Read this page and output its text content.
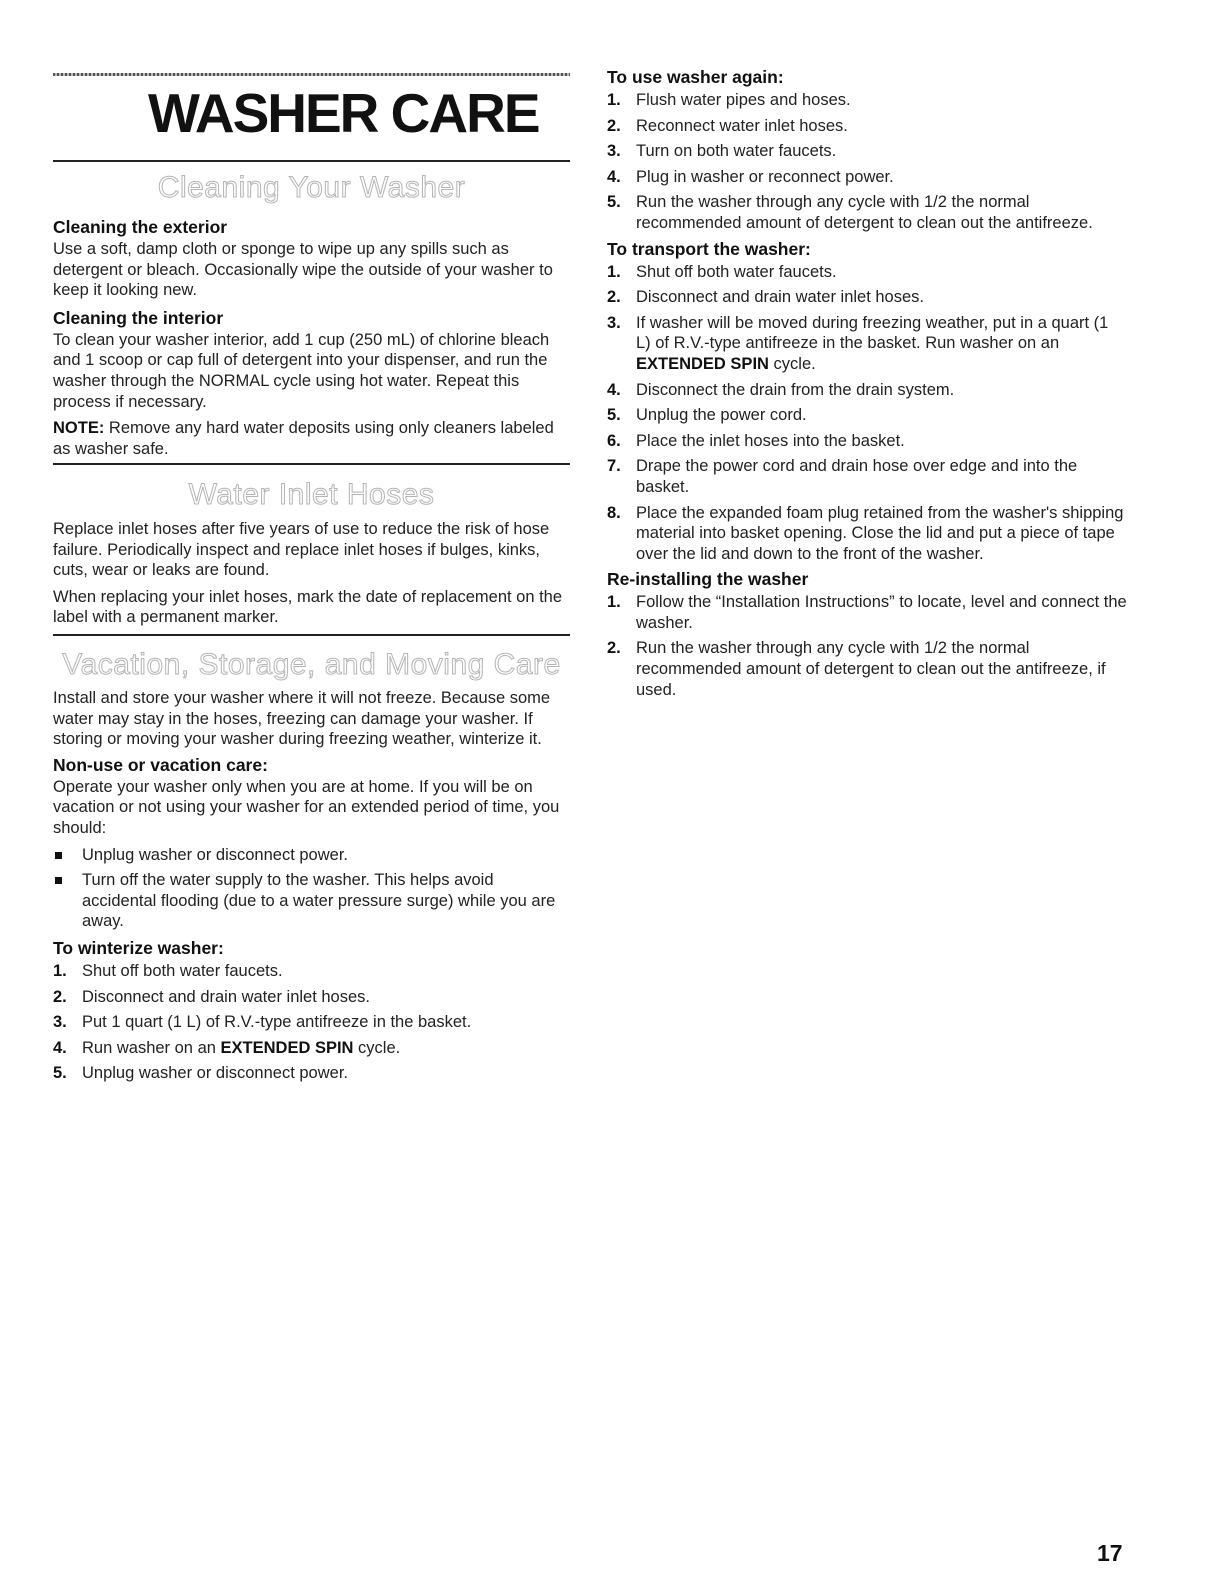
WASHER CARE
Cleaning Your Washer
Cleaning the exterior

Use a soft, damp cloth or sponge to wipe up any spills such as detergent or bleach. Occasionally wipe the outside of your washer to keep it looking new.

Cleaning the interior

To clean your washer interior, add 1 cup (250 mL) of chlorine bleach and 1 scoop or cap full of detergent into your dispenser, and run the washer through the NORMAL cycle using hot water. Repeat this process if necessary.

NOTE: Remove any hard water deposits using only cleaners labeled as washer safe.

Water Inlet Hoses

Replace inlet hoses after five years of use to reduce the risk of hose failure. Periodically inspect and replace inlet hoses if bulges, kinks, cuts, wear or leaks are found.

When replacing your inlet hoses, mark the date of replacement on the label with a permanent marker.

Vacation, Storage, and Moving Care

Install and store your washer where it will not freeze. Because some water may stay in the hoses, freezing can damage your washer. If storing or moving your washer during freezing weather, winterize it.

Non-use or vacation care:

Operate your washer only when you are at home. If you will be on vacation or not using your washer for an extended period of time, you should:

Unplug washer or disconnect power.
Turn off the water supply to the washer. This helps avoid accidental flooding (due to a water pressure surge) while you are away.
To winterize washer:
1. Shut off both water faucets.
2. Disconnect and drain water inlet hoses.
3. Put 1 quart (1 L) of R.V.-type antifreeze in the basket.
4. Run washer on an EXTENDED SPIN cycle.
5. Unplug washer or disconnect power.
To use washer again:
1. Flush water pipes and hoses.
2. Reconnect water inlet hoses.
3. Turn on both water faucets.
4. Plug in washer or reconnect power.
5. Run the washer through any cycle with 1/2 the normal recommended amount of detergent to clean out the antifreeze.
To transport the washer:
1. Shut off both water faucets.
2. Disconnect and drain water inlet hoses.
3. If washer will be moved during freezing weather, put in a quart (1 L) of R.V.-type antifreeze in the basket. Run washer on an EXTENDED SPIN cycle.
4. Disconnect the drain from the drain system.
5. Unplug the power cord.
6. Place the inlet hoses into the basket.
7. Drape the power cord and drain hose over edge and into the basket.
8. Place the expanded foam plug retained from the washer's shipping material into basket opening. Close the lid and put a piece of tape over the lid and down to the front of the washer.
Re-installing the washer
1. Follow the “Installation Instructions” to locate, level and connect the washer.
2. Run the washer through any cycle with 1/2 the normal recommended amount of detergent to clean out the antifreeze, if used.

17
